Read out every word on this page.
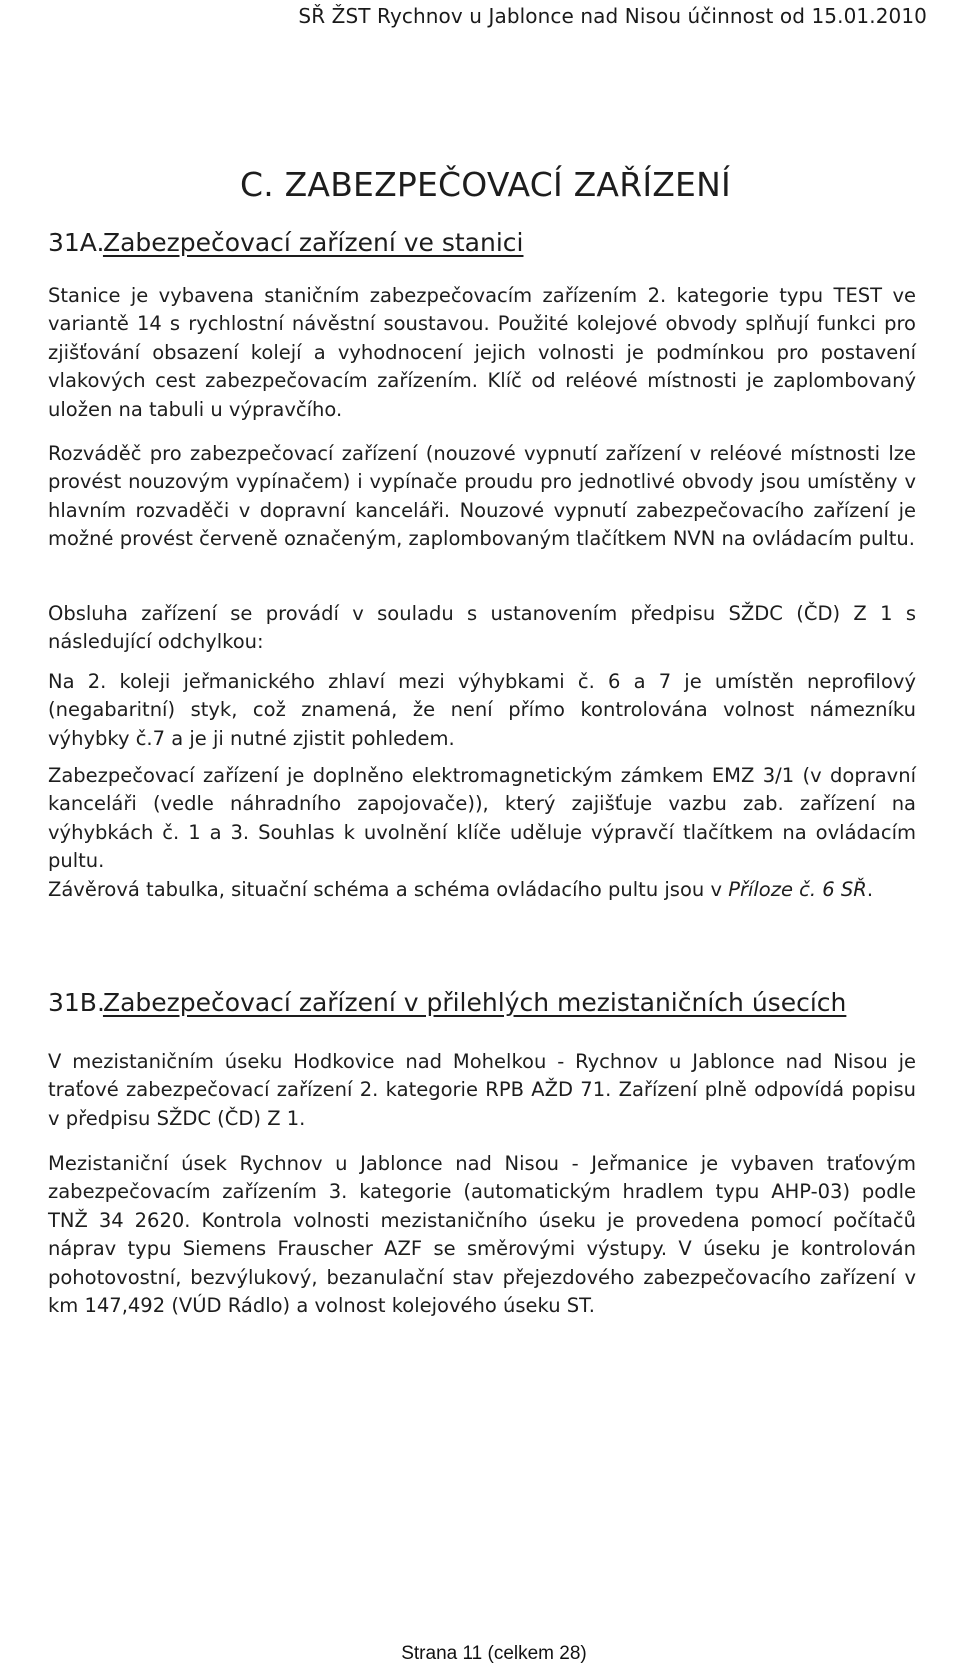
SŘ ŽST Rychnov u Jablonce nad Nisou účinnost od 15.01.2010
C. ZABEZPEČOVACÍ ZAŘÍZENÍ
31A. Zabezpečovací zařízení ve stanici

Stanice je vybavena staničním zabezpečovacím zařízením 2. kategorie typu TEST ve variantě 14 s rychlostní návěstní soustavou. Použité kolejové obvody splňují funkci pro zjišťování obsazení kolejí a vyhodnocení jejich volnosti je podmínkou pro postavení vlakových cest zabezpečovacím zařízením. Klíč od reléové místnosti je zaplombovaný uložen na tabuli u výpravčího.

Rozváděč pro zabezpečovací zařízení (nouzové vypnutí zařízení v reléové místnosti lze provést nouzovým vypínačem) i vypínače proudu pro jednotlivé obvody jsou umístěny v hlavním rozvaděči v dopravní kanceláři. Nouzové vypnutí zabezpečovacího zařízení je možné provést červeně označeným, zaplombovaným tlačítkem NVN na ovládacím pultu.

Obsluha zařízení se provádí v souladu s ustanovením předpisu SŽDC (ČD) Z 1 s následující odchylkou:

Na 2. koleji jeřmanického zhlaví mezi výhybkami č. 6 a 7 je umístěn neprofilový (negabaritní) styk, což znamená, že není přímo kontrolována volnost námezníku výhybky č.7 a je ji nutné zjistit pohledem.

Zabezpečovací zařízení je doplněno elektromagnetickým zámkem EMZ 3/1 (v dopravní kanceláři (vedle náhradního zapojovače)), který zajišťuje vazbu zab. zařízení na výhybkách č. 1 a 3. Souhlas k uvolnění klíče uděluje výpravčí tlačítkem na ovládacím pultu.

Závěrová tabulka, situační schéma a schéma ovládacího pultu jsou v Příloze č. 6 SŘ.

31B. Zabezpečovací zařízení v přilehlých mezistaničních úsecích

V mezistaničním úseku Hodkovice nad Mohelkou - Rychnov u Jablonce nad Nisou je traťové zabezpečovací zařízení 2. kategorie RPB AŽD 71. Zařízení plně odpovídá popisu v předpisu SŽDC (ČD) Z 1.

Mezistaniční úsek Rychnov u Jablonce nad Nisou - Jeřmanice je vybaven traťovým zabezpečovacím zařízením 3. kategorie (automatickým hradlem typu AHP-03) podle TNŽ 34 2620. Kontrola volnosti mezistaničního úseku je provedena pomocí počítačů náprav typu Siemens Frauscher AZF se směrovými výstupy. V úseku je kontrolován pohotovostní, bezvýlukový, bezanulační stav přejezdového zabezpečovacího zařízení v km 147,492 (VÚD Rádlo) a volnost kolejového úseku ST.

Strana 11 (celkem 28)
